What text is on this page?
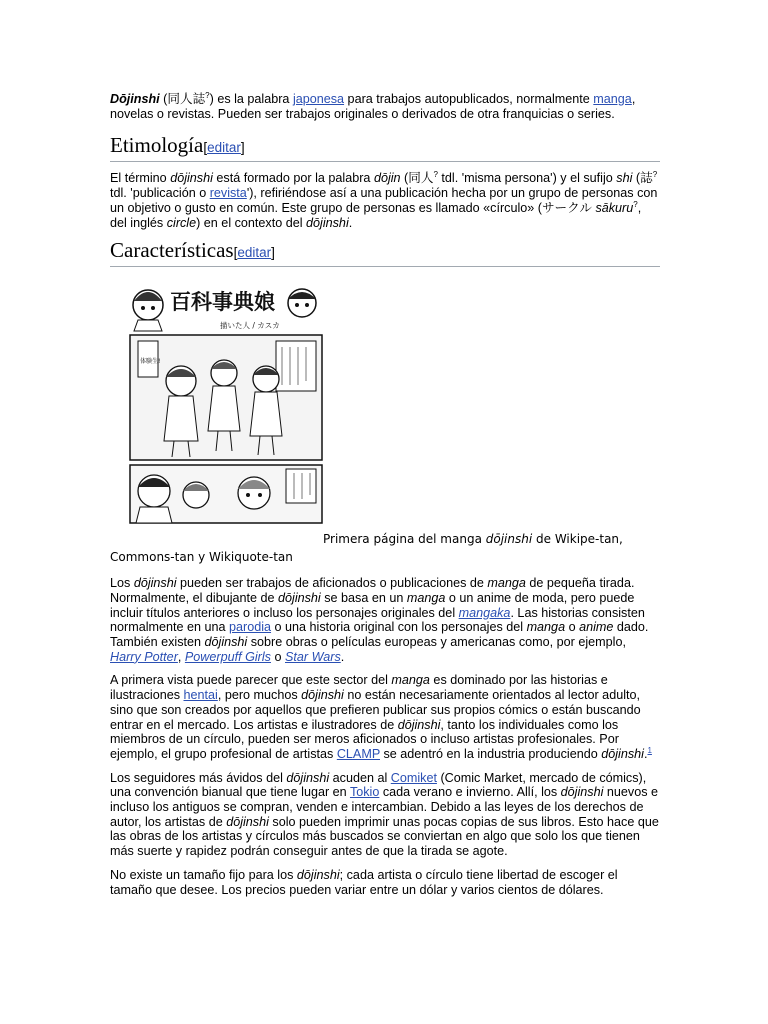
Dōjinshi (同人誌?) es la palabra japonesa para trabajos autopublicados, normalmente manga, novelas o revistas. Pueden ser trabajos originales o derivados de otra franquicias o series.

Etimología[editar]

El término dōjinshi está formado por la palabra dōjin (同人? tdl. 'misma persona') y el sufijo shi (誌? tdl. 'publicación o revista'), refiriéndose así a una publicación hecha por un grupo de personas con un objetivo o gusto en común. Este grupo de personas es llamado «círculo» (サークル sākuru?, del inglés circle) en el contexto del dōjinshi.

Características[editar]
百科事典娘
描いた人 / カスカ
体験生!
Primera página del manga dōjinshi de Wikipe-tan,
Commons-tan y Wikiquote-tan

Los dōjinshi pueden ser trabajos de aficionados o publicaciones de manga de pequeña tirada. Normalmente, el dibujante de dōjinshi se basa en un manga o un anime de moda, pero puede incluir títulos anteriores o incluso los personajes originales del mangaka. Las historias consisten normalmente en una parodia o una historia original con los personajes del manga o anime dado. También existen dōjinshi sobre obras o películas europeas y americanas como, por ejemplo, Harry Potter, Powerpuff Girls o Star Wars.

A primera vista puede parecer que este sector del manga es dominado por las historias e ilustraciones hentai, pero muchos dōjinshi no están necesariamente orientados al lector adulto, sino que son creados por aquellos que prefieren publicar sus propios cómics o están buscando entrar en el mercado. Los artistas e ilustradores de dōjinshi, tanto los individuales como los miembros de un círculo, pueden ser meros aficionados o incluso artistas profesionales. Por ejemplo, el grupo profesional de artistas CLAMP se adentró en la industria produciendo dōjinshi.$^1$

Los seguidores más ávidos del dōjinshi acuden al Comiket (Comic Market, mercado de cómics), una convención bianual que tiene lugar en Tokio cada verano e invierno. Allí, los dōjinshi nuevos e incluso los antiguos se compran, venden e intercambian. Debido a las leyes de los derechos de autor, los artistas de dōjinshi solo pueden imprimir unas pocas copias de sus libros. Esto hace que las obras de los artistas y círculos más buscados se conviertan en algo que solo los que tienen más suerte y rapidez podrán conseguir antes de que la tirada se agote.

No existe un tamaño fijo para los dōjinshi; cada artista o círculo tiene libertad de escoger el tamaño que desee. Los precios pueden variar entre un dólar y varios cientos de dólares.
